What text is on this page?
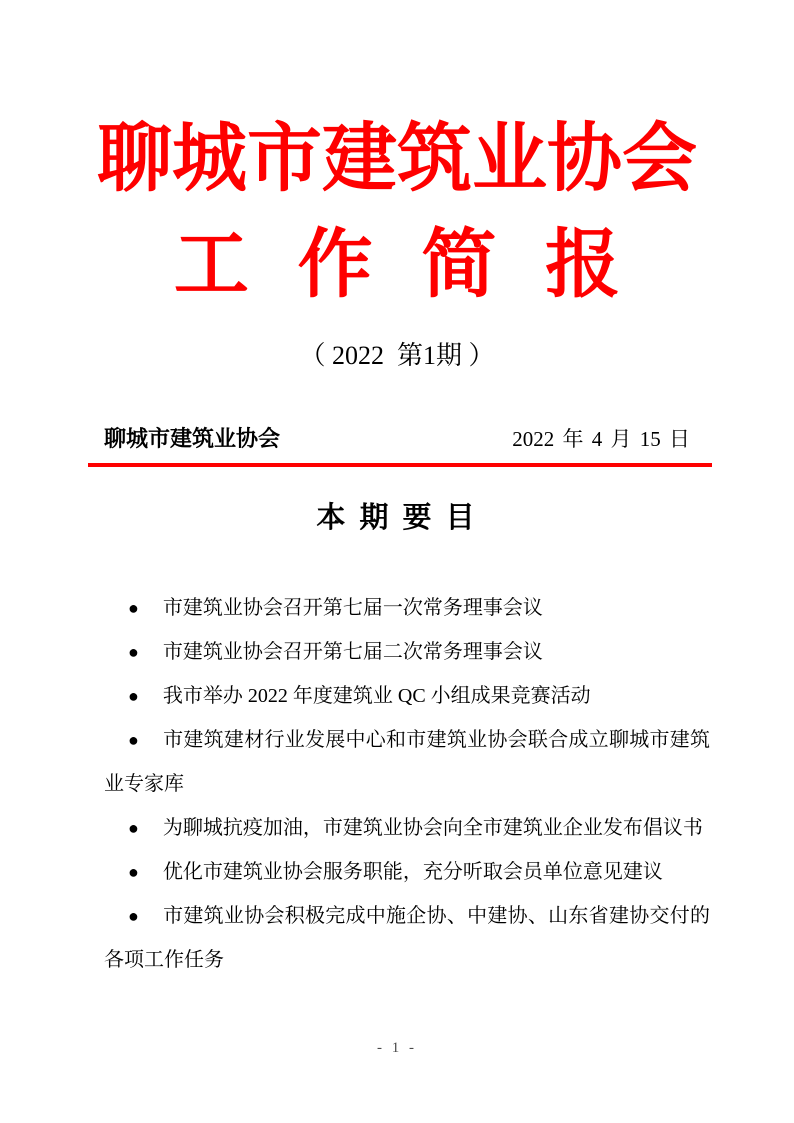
聊城市建筑业协会
工 作 简 报
（ 2022  第1期 ）
聊城市建筑业协会	2022 年 4 月 15 日
本 期 要 目
● 市建筑业协会召开第七届一次常务理事会议
● 市建筑业协会召开第七届二次常务理事会议
● 我市举办 2022 年度建筑业 QC 小组成果竞赛活动
● 市建筑建材行业发展中心和市建筑业协会联合成立聊城市建筑业专家库
● 为聊城抗疫加油，市建筑业协会向全市建筑业企业发布倡议书
● 优化市建筑业协会服务职能，充分听取会员单位意见建议
● 市建筑业协会积极完成中施企协、中建协、山东省建协交付的各项工作任务
- 1 -
